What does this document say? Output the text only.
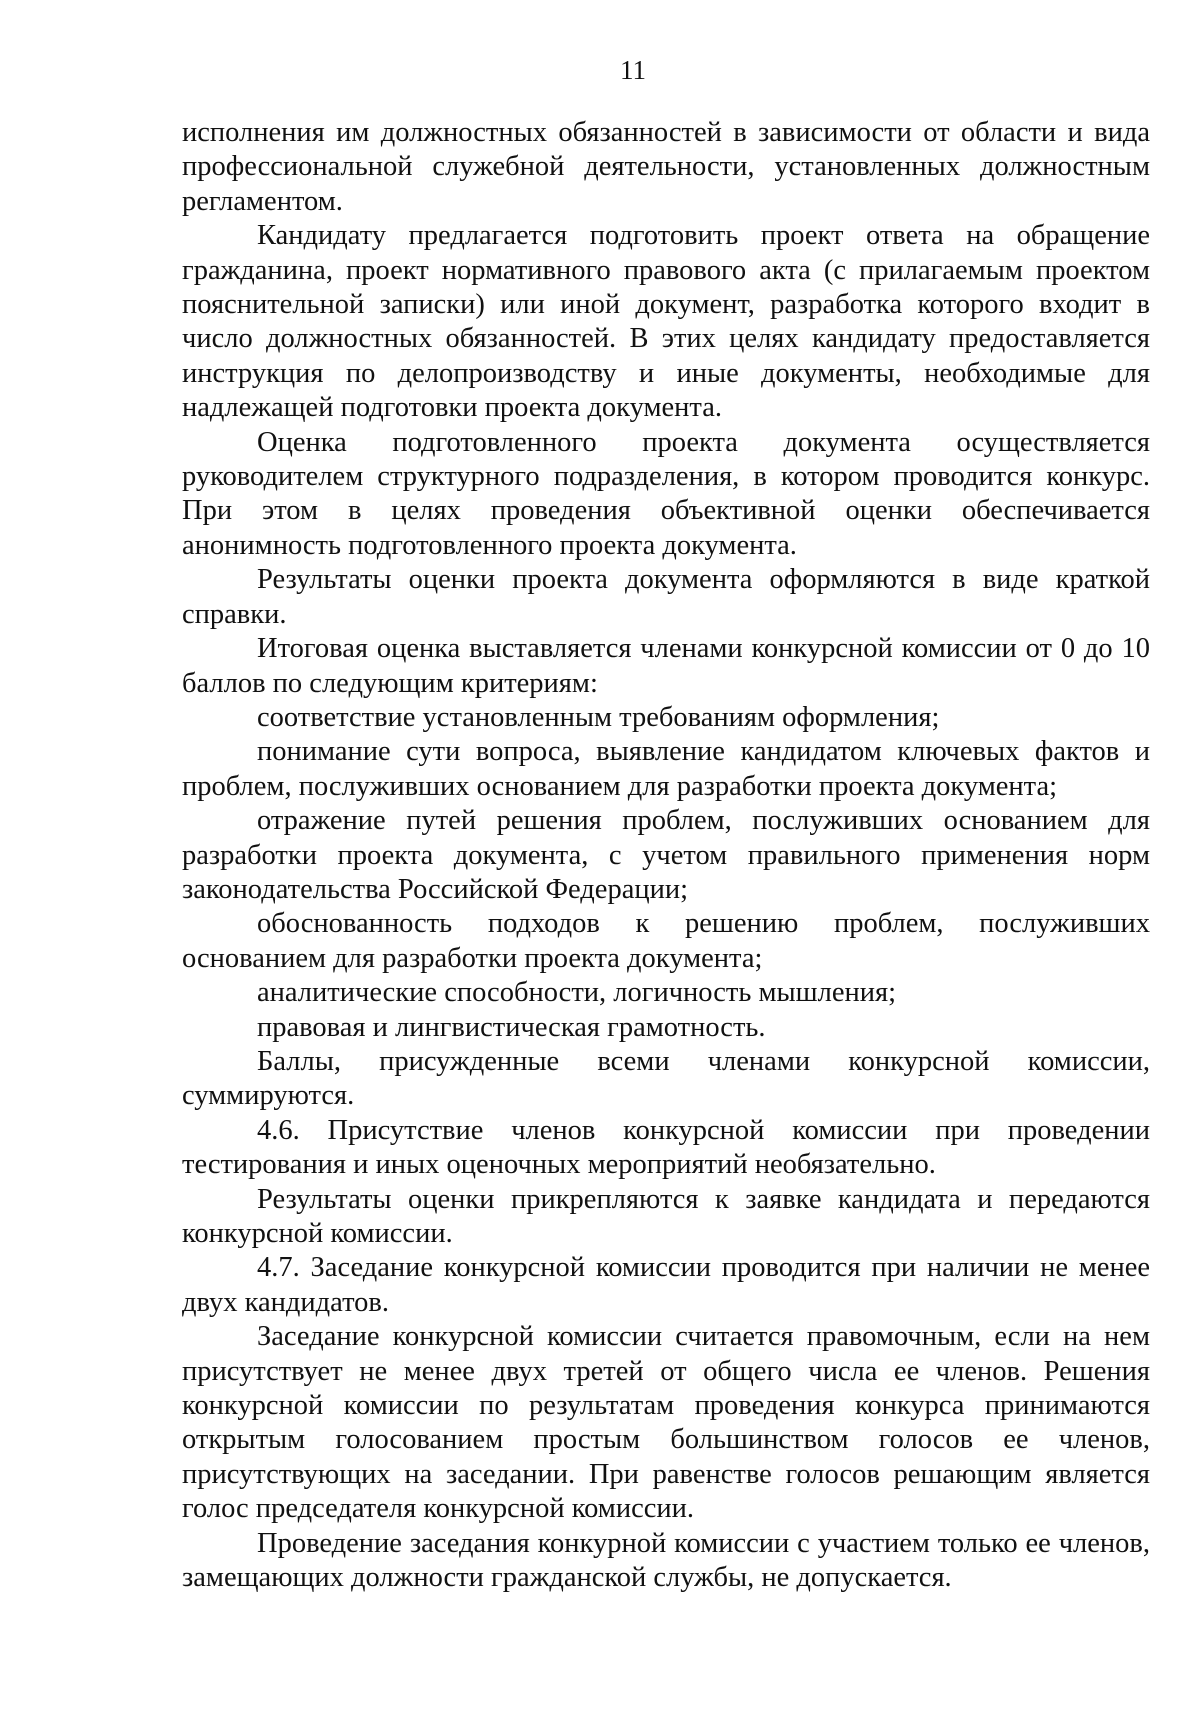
11

исполнения им должностных обязанностей в зависимости от области и вида профессиональной служебной деятельности, установленных должностным регламентом.

Кандидату предлагается подготовить проект ответа на обращение гражданина, проект нормативного правового акта (с прилагаемым проектом пояснительной записки) или иной документ, разработка которого входит в число должностных обязанностей. В этих целях кандидату предоставляется инструкция по делопроизводству и иные документы, необходимые для надлежащей подготовки проекта документа.

Оценка подготовленного проекта документа осуществляется руководителем структурного подразделения, в котором проводится конкурс. При этом в целях проведения объективной оценки обеспечивается анонимность подготовленного проекта документа.

Результаты оценки проекта документа оформляются в виде краткой справки.

Итоговая оценка выставляется членами конкурсной комиссии от 0 до 10 баллов по следующим критериям:

соответствие установленным требованиям оформления;

понимание сути вопроса, выявление кандидатом ключевых фактов и проблем, послуживших основанием для разработки проекта документа;

отражение путей решения проблем, послуживших основанием для разработки проекта документа, с учетом правильного применения норм законодательства Российской Федерации;

обоснованность подходов к решению проблем, послуживших основанием для разработки проекта документа;

аналитические способности, логичность мышления;

правовая и лингвистическая грамотность.

Баллы, присужденные всеми членами конкурсной комиссии, суммируются.

4.6. Присутствие членов конкурсной комиссии при проведении тестирования и иных оценочных мероприятий необязательно.

Результаты оценки прикрепляются к заявке кандидата и передаются конкурсной комиссии.

4.7. Заседание конкурсной комиссии проводится при наличии не менее двух кандидатов.

Заседание конкурсной комиссии считается правомочным, если на нем присутствует не менее двух третей от общего числа ее членов. Решения конкурсной комиссии по результатам проведения конкурса принимаются открытым голосованием простым большинством голосов ее членов, присутствующих на заседании. При равенстве голосов решающим является голос председателя конкурсной комиссии.

Проведение заседания конкурной комиссии с участием только ее членов, замещающих должности гражданской службы, не допускается.
